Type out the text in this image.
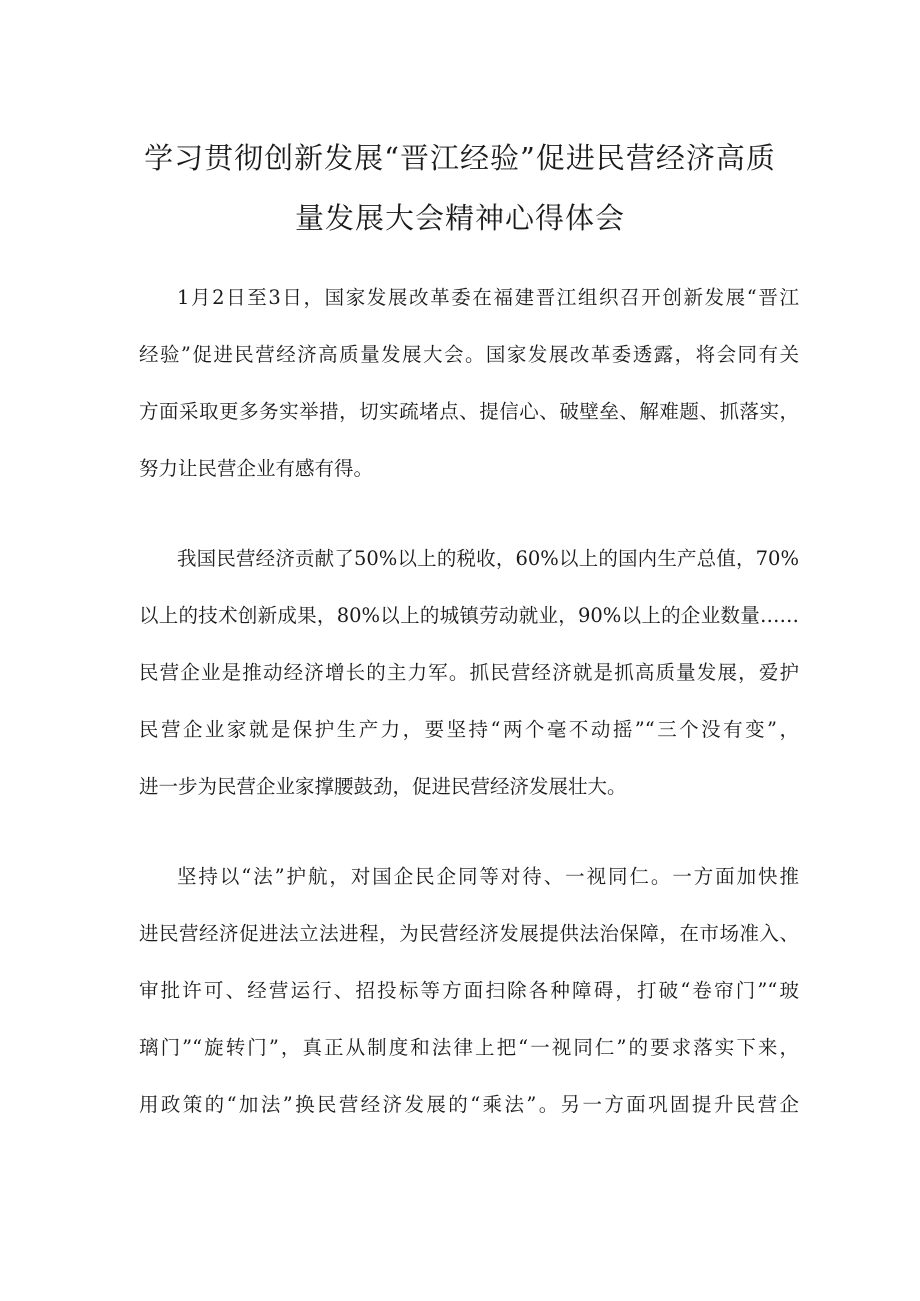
学习贯彻创新发展“晋江经验”促进民营经济高质
量发展大会精神心得体会

1月2日至3日，国家发展改革委在福建晋江组织召开创新发展“晋江

经验”促进民营经济高质量发展大会。国家发展改革委透露，将会同有关

方面采取更多务实举措，切实疏堵点、提信心、破壁垒、解难题、抓落实，

努力让民营企业有感有得。

我国民营经济贡献了50%以上的税收，60%以上的国内生产总值，70%

以上的技术创新成果，80%以上的城镇劳动就业，90%以上的企业数量……

民营企业是推动经济增长的主力军。抓民营经济就是抓高质量发展，爱护

民营企业家就是保护生产力，要坚持“两个毫不动摇”“三个没有变”，

进一步为民营企业家撑腰鼓劲，促进民营经济发展壮大。

坚持以“法”护航，对国企民企同等对待、一视同仁。一方面加快推

进民营经济促进法立法进程，为民营经济发展提供法治保障，在市场准入、

审批许可、经营运行、招投标等方面扫除各种障碍，打破“卷帘门”“玻

璃门”“旋转门”，真正从制度和法律上把“一视同仁”的要求落实下来，

用政策的“加法”换民营经济发展的“乘法”。另一方面巩固提升民营企
